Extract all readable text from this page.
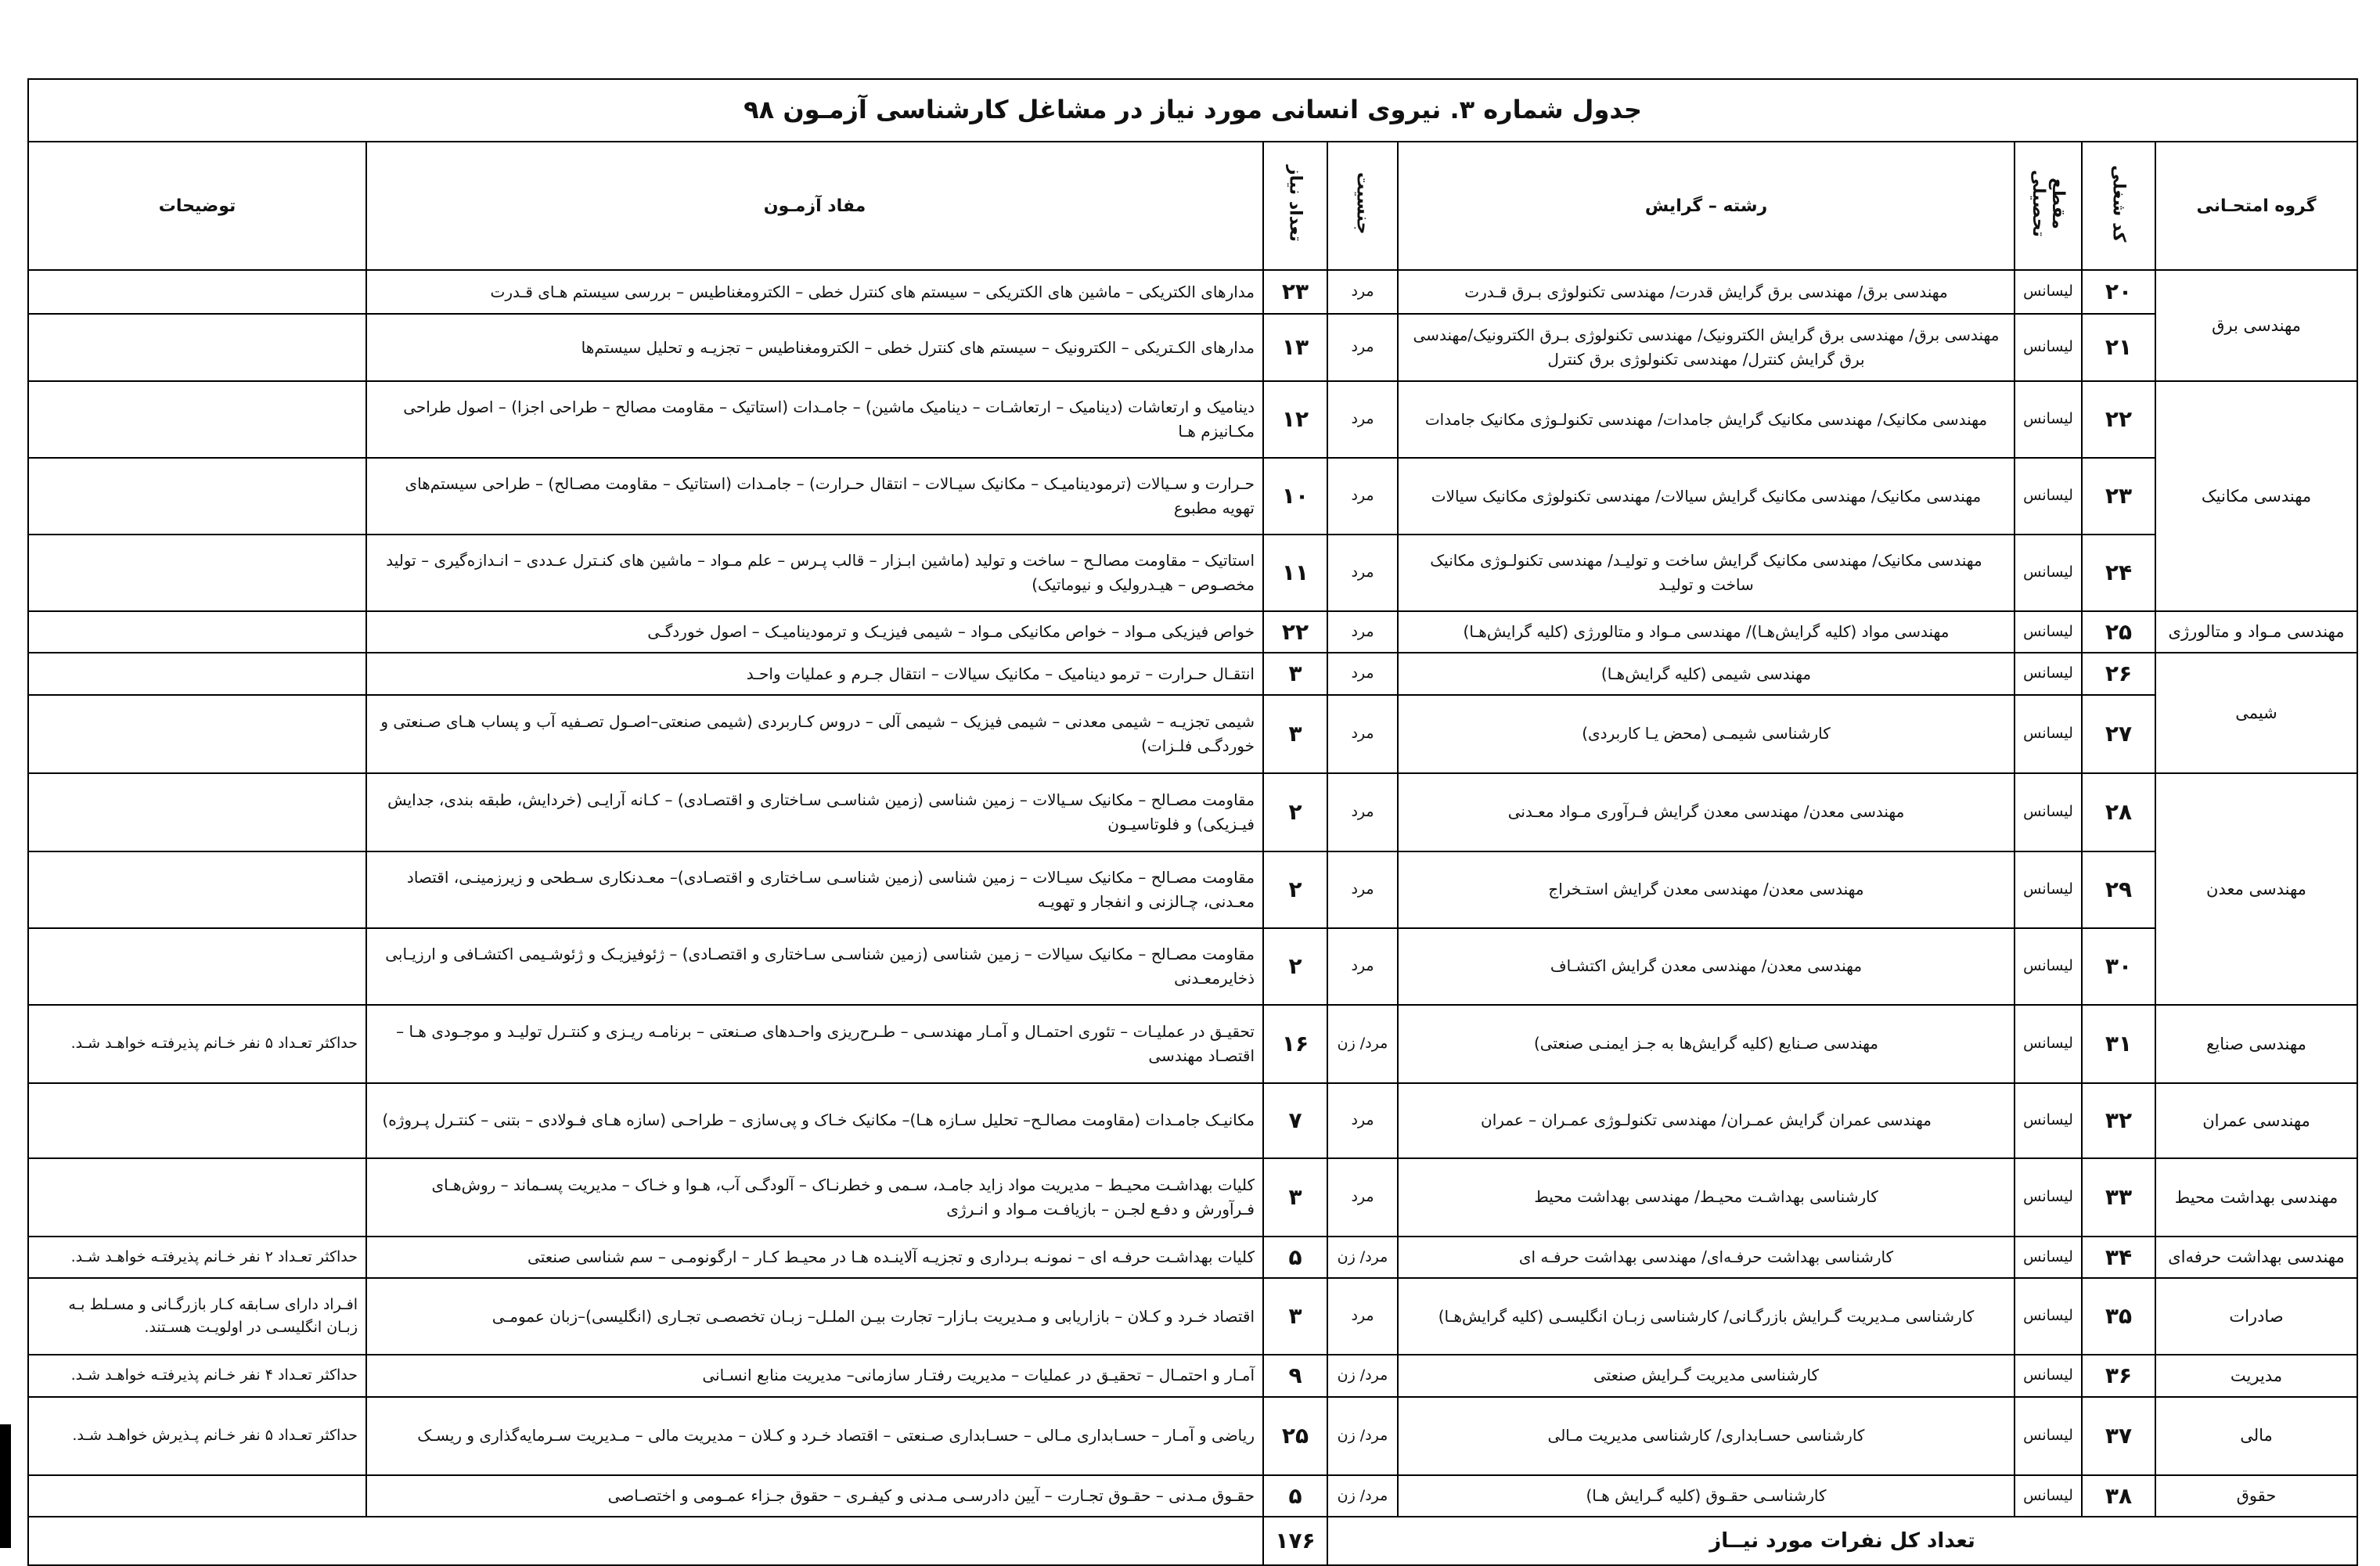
جدول شماره ۳. نیروی انسانی مورد نیاز در مشاغل کارشناسی آزمـون ۹۸							
گروه امتحـانی	کد شغلی	مقطع تحصیلی	رشته – گرایش	جنسیت	تعداد نیاز	مفاد آزمـون	توضیحات
مهندسی برق	۲۰	لیسانس	مهندسی برق/ مهندسی برق گرایش قدرت/ مهندسی تکنولوژی بـرق قـدرت	مرد	۲۳	مدارهای الکتریکی – ماشین های الکتریکی – سیستم های کنترل خطی – الکترومغناطیس – بررسی سیستم هـای قـدرت	
	۲۱	لیسانس	مهندسی برق/ مهندسی برق گرایش الکترونیک/ مهندسی تکنولوژی بـرق الکترونیک/مهندسی برق گرایش کنترل/ مهندسی تکنولوژی برق کنترل	مرد	۱۳	مدارهای الکـتریکی – الکترونیک – سیستم های کنترل خطی – الکترومغناطیس – تجزیـه و تحلیل سیستم‌ها	
مهندسی مکانیک	۲۲	لیسانس	مهندسی مکانیک/ مهندسی مکانیک گرایش جامدات/ مهندسی تکنولـوژی مکانیک جامدات	مرد	۱۲	دینامیک و ارتعاشات (دینامیک – ارتعاشـات – دینامیک ماشین) – جامـدات (استاتیک – مقاومت مصالح – طراحی اجزا) – اصول طراحی مکـانیزم هـا	
	۲۳	لیسانس	مهندسی مکانیک/ مهندسی مکانیک گرایش سیالات/ مهندسی تکنولوژی مکانیک سیالات	مرد	۱۰	حـرارت و سـیالات (ترمودینامیـک – مکانیک سیـالات – انتقال حـرارت) – جامـدات (استاتیک – مقاومت مصـالح) – طراحی سیستم‌های تهویه مطبوع	
	۲۴	لیسانس	مهندسی مکانیک/ مهندسی مکانیک گرایش ساخت و تولیـد/ مهندسی تکنولـوژی مکانیک ساخت و تولیـد	مرد	۱۱	استاتیک – مقاومت مصالـح – ساخت و تولید (ماشین ابـزار – قالب پـرس – علم مـواد – ماشین های کنـترل عـددی – انـدازه‌گیری – تولید مخصـوص – هیـدرولیک و نیوماتیک)	
مهندسی مـواد و متالورژی	۲۵	لیسانس	مهندسی مواد (کلیه گرایش‌هـا)/ مهندسی مـواد و متالورژی (کلیه گرایش‌هـا)	مرد	۲۲	خواص فیزیکی مـواد – خواص مکانیکی مـواد – شیمی فیزیـک و ترمودینامیـک – اصول خوردگـی	
شیمی	۲۶	لیسانس	مهندسی شیمی (کلیه گرایش‌هـا)	مرد	۳	انتقـال حـرارت – ترمو دینامیک – مکانیک سیالات – انتقال جـرم و عملیات واحـد	
	۲۷	لیسانس	کارشناسی شیمـی (محض یـا کاربردی)	مرد	۳	شیمی تجزیـه – شیمی معدنی – شیمی فیزیک – شیمی آلی – دروس کـاربردی (شیمی صنعتی–اصـول تصـفیه آب و پساب هـای صـنعتی و خوردگـی فلـزات)	
مهندسی معدن	۲۸	لیسانس	مهندسی معدن/ مهندسی معدن گرایش فـرآوری مـواد معـدنی	مرد	۲	مقاومت مصـالح – مکانیک سـیالات – زمین شناسی (زمین شناسـی سـاختاری و اقتصـادی) – کـانه آرایـی (خردایش، طبقه بندی، جدایش فیـزیکی) و فلوتاسیـون	
	۲۹	لیسانس	مهندسی معدن/ مهندسی معدن گرایش استـخراج	مرد	۲	مقاومت مصـالح – مکانیک سیـالات – زمین شناسی (زمین شناسـی سـاختاری و اقتصـادی)– معـدنکاری سـطحی و زیرزمینـی، اقتصاد معـدنی، چـالزنی و انفجار و تهویـه	
	۳۰	لیسانس	مهندسی معدن/ مهندسی معدن گرایش اکتشـاف	مرد	۲	مقاومت مصـالح – مکانیک سیالات – زمین شناسی (زمین شناسـی سـاختاری و اقتصـادی) – ژئوفیزیـک و ژئوشـیمی اکتشـافی و ارزیـابی ذخایرمعـدنی	
مهندسی صنایع	۳۱	لیسانس	مهندسی صـنایع (کلیه گرایش‌ها به جـز ایمنـی صنعتی)	مرد/ زن	۱۶	تحقیـق در عملیـات – تئوری احتمـال و آمـار مهندسـی – طـرح‌ریزی واحـدهای صـنعتی – برنامـه ریـزی و کنتـرل تولیـد و موجـودی هـا – اقتصـاد مهندسی	حداکثر تعـداد ۵ نفر خـانم پذیرفتـه خواهـد شـد.
مهندسی عمران	۳۲	لیسانس	مهندسی عمران گرایش عمـران/ مهندسی تکنولـوژی عمـران – عمران	مرد	۷	مکانیـک جامـدات (مقاومت مصالـح– تحلیل سـازه هـا)– مکانیک خـاک و پی‌سازی – طراحـی (سازه هـای فـولادی – بتنی – کنتـرل پـروژه)	
مهندسی بهداشت محیط	۳۳	لیسانس	کارشناسی بهداشـت محیـط/ مهندسی بهداشت محیط	مرد	۳	کلیات بهداشـت محیـط – مدیریت مواد زاید جامـد، سـمی و خطرنـاک – آلودگـی آب، هـوا و خـاک – مدیریت پسـماند – روش‌هـای فـرآورش و دفـع لجـن – بازیافـت مـواد و انـرژی	
مهندسی بهداشت حرفه‌ای	۳۴	لیسانس	کارشناسی بهداشت حرفـه‌ای/ مهندسی بهداشت حرفـه ای	مرد/ زن	۵	کلیات بهداشـت حرفـه ای – نمونـه بـرداری و تجزیـه آلاینـده هـا در محیـط کـار – ارگونومـی – سم شناسی صنعتی	حداکثر تعـداد ۲ نفر خـانم پذیرفتـه خواهـد شـد.
صادرات	۳۵	لیسانس	کارشناسی مـدیریت گـرایش بازرگـانی/ کارشناسی زبـان انگلیسـی (کلیه گرایش‌هـا)	مرد	۳	اقتصاد خـرد و کـلان – بازاریابی و مـدیریت بـازار– تجارت بیـن الملـل– زبـان تخصصـی تجـاری (انگلیسی)–زبان عمومـی	افـراد دارای سـابقه کـار بازرگـانی و مسـلط بـه زبـان انگلیسـی در اولویـت هسـتند.
مدیریت	۳۶	لیسانس	کارشناسی مدیریت گـرایش صنعتی	مرد/ زن	۹	آمـار و احتمـال – تحقیـق در عملیات – مدیریت رفتـار سازمانی– مدیریت منابع انسـانی	حداکثر تعـداد ۴ نفر خـانم پذیرفتـه خواهـد شـد.
مالی	۳۷	لیسانس	کارشناسی حسـابداری/ کارشناسی مدیریت مـالی	مرد/ زن	۲۵	ریاضی و آمـار – حسـابداری مـالی – حسـابداری صـنعتی – اقتصاد خـرد و کـلان – مدیریت مالی – مـدیریت سـرمایه‌گذاری و ریسـک	حداکثر تعـداد ۵ نفر خـانم پـذیرش خواهـد شـد.
حقوق	۳۸	لیسانس	کارشناسـی حقـوق (کلیه گـرایش هـا)	مرد/ زن	۵	حقـوق مـدنی – حقـوق تجـارت – آیین دادرسـی مـدنی و کیفـری – حقوق جـزاء عمـومی و اختصـاصی	
تعداد کل نفرات مورد نیــاز					۱۷۶		
